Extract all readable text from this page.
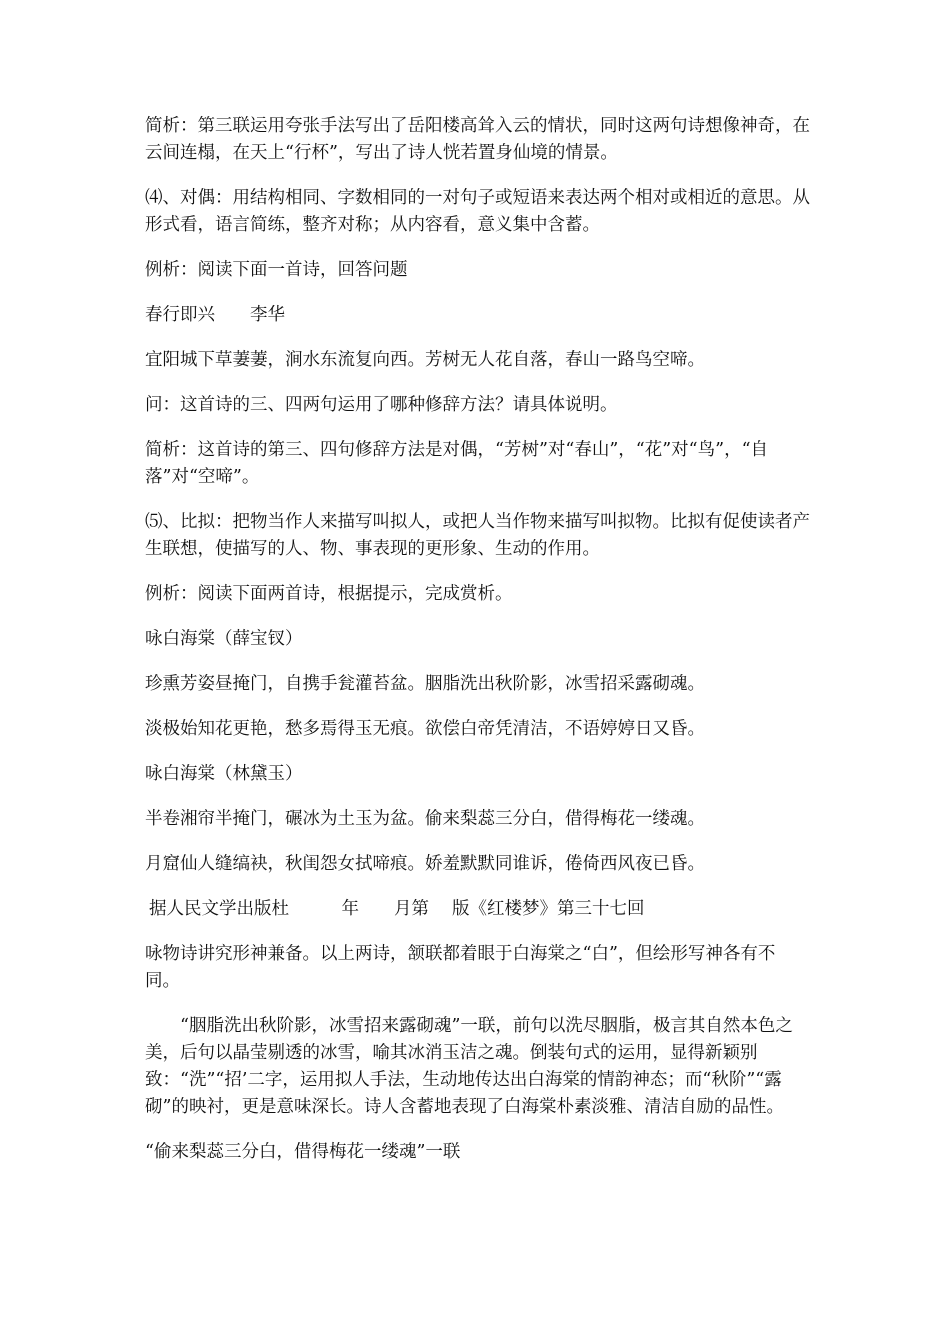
简析：第三联运用夸张手法写出了岳阳楼高耸入云的情状，同时这两句诗想像神奇，在云间连榻，在天上“行杯”，写出了诗人恍若置身仙境的情景。

⑷、对偶：用结构相同、字数相同的一对句子或短语来表达两个相对或相近的意思。从形式看，语言简练，整齐对称；从内容看，意义集中含蓄。

例析：阅读下面一首诗，回答问题

春行即兴　　李华

宜阳城下草萋萋，涧水东流复向西。芳树无人花自落，春山一路鸟空啼。

问：这首诗的三、四两句运用了哪种修辞方法？请具体说明。

简析：这首诗的第三、四句修辞方法是对偶，“芳树”对“春山”，“花”对“鸟”，“自落”对“空啼”。

⑸、比拟：把物当作人来描写叫拟人，或把人当作物来描写叫拟物。比拟有促使读者产生联想，使描写的人、物、事表现的更形象、生动的作用。

例析：阅读下面两首诗，根据提示，完成赏析。

咏白海棠（薛宝钗）

珍熏芳姿昼掩门，自携手瓮灌苔盆。胭脂洗出秋阶影，冰雪招采露砌魂。

淡极始知花更艳，愁多焉得玉无痕。欲偿白帝凭清洁，不语婷婷日又昏。

咏白海棠（林黛玉）

半卷湘帘半掩门，碾冰为土玉为盆。偷来梨蕊三分白，借得梅花一缕魂。

月窟仙人缝缟袂，秋闺怨女拭啼痕。娇羞默默同谁诉，倦倚西风夜已昏。

据人民文学出版杜　　　年　　月第　 版《红楼梦》第三十七回

咏物诗讲究形神兼备。以上两诗，颔联都着眼于白海棠之“白”，但绘形写神各有不同。

“胭脂洗出秋阶影，冰雪招来露砌魂”一联，前句以洗尽胭脂，极言其自然本色之美，后句以晶莹剔透的冰雪，喻其冰消玉洁之魂。倒装句式的运用，显得新颖别致：“洗”“招’二字，运用拟人手法，生动地传达出白海棠的情韵神态；而“秋阶”“露砌”的映衬，更是意味深长。诗人含蓄地表现了白海棠朴素淡雅、清洁自励的品性。

“偷来梨蕊三分白，借得梅花一缕魂”一联
